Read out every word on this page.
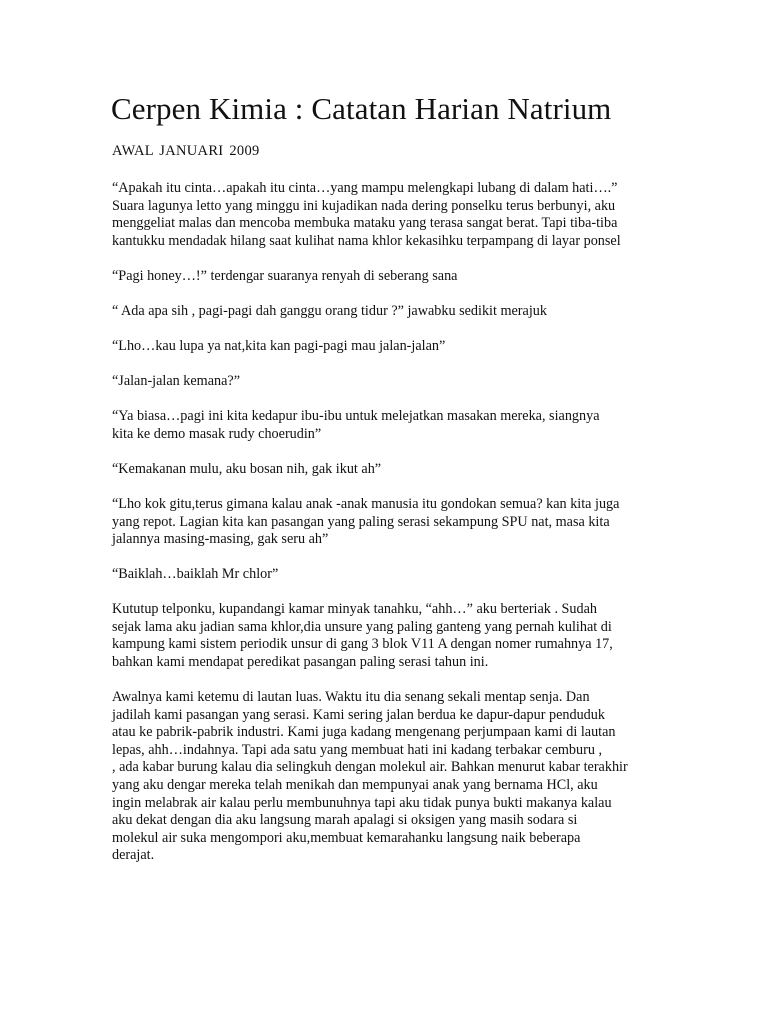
Cerpen Kimia : Catatan Harian Natrium

AWAL JANUARI 2009

“Apakah itu cinta…apakah itu cinta…yang mampu melengkapi lubang di dalam hati….”
Suara lagunya letto yang minggu ini kujadikan nada dering ponselku terus berbunyi, aku
menggeliat malas dan mencoba membuka mataku yang terasa sangat berat. Tapi tiba-tiba
kantukku mendadak hilang saat kulihat nama khlor kekasihku terpampang di layar ponsel

“Pagi honey…!” terdengar suaranya renyah di seberang sana

“ Ada apa sih , pagi-pagi dah ganggu orang tidur ?” jawabku sedikit merajuk

“Lho…kau lupa ya nat,kita kan pagi-pagi mau jalan-jalan”

“Jalan-jalan kemana?”

“Ya biasa…pagi ini kita kedapur ibu-ibu untuk melejatkan masakan mereka, siangnya
kita ke demo masak rudy choerudin”

“Kemakanan mulu, aku bosan nih, gak ikut ah”

“Lho kok gitu,terus gimana kalau anak -anak manusia itu gondokan semua? kan kita juga
yang repot. Lagian kita kan pasangan yang paling serasi sekampung SPU nat, masa kita
jalannya masing-masing, gak seru ah”

“Baiklah…baiklah Mr chlor”

Kututup telponku, kupandangi kamar minyak tanahku, “ahh…” aku berteriak . Sudah
sejak lama aku jadian sama khlor,dia unsure yang paling ganteng yang pernah kulihat di
kampung kami sistem periodik unsur di gang 3 blok V11 A dengan nomer rumahnya 17,
bahkan kami mendapat peredikat pasangan paling serasi tahun ini.

Awalnya kami ketemu di lautan luas. Waktu itu dia senang sekali mentap senja. Dan
jadilah kami pasangan yang serasi. Kami sering jalan berdua ke dapur-dapur penduduk
atau ke pabrik-pabrik industri. Kami juga kadang mengenang perjumpaan kami di lautan
lepas, ahh…indahnya. Tapi ada satu yang membuat hati ini kadang terbakar cemburu ,
, ada kabar burung kalau dia selingkuh dengan molekul air. Bahkan menurut kabar terakhir
yang aku dengar mereka telah menikah dan mempunyai anak yang bernama HCl, aku
ingin melabrak air kalau perlu membunuhnya tapi aku tidak punya bukti makanya kalau
aku dekat dengan dia aku langsung marah apalagi si oksigen yang masih sodara si
molekul air suka mengompori aku,membuat kemarahanku langsung naik beberapa
derajat.
